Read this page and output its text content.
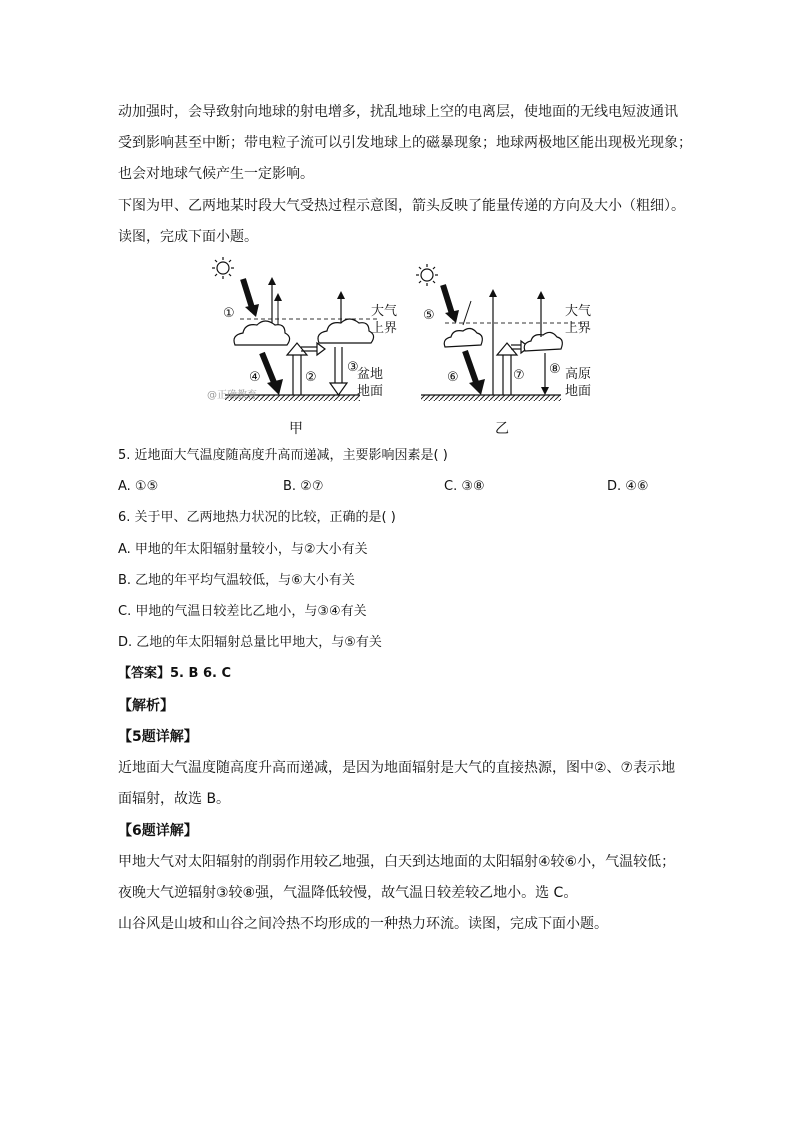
动加强时，会导致射向地球的射电增多，扰乱地球上空的电离层，使地面的无线电短波通讯
受到影响甚至中断；带电粒子流可以引发地球上的磁暴现象；地球两极地区能出现极光现象；
也会对地球气候产生一定影响。
下图为甲、乙两地某时段大气受热过程示意图，箭头反映了能量传递的方向及大小（粗细）。
读图，完成下面小题。
大气
上界
盆地
地面
①
②
③
④
@正确教育
甲
大气
上界
高原
地面
⑤
⑥	⑦ ⑧
乙
5. 近地面大气温度随高度升高而递减，主要影响因素是( )
A. ①⑤	B. ②⑦	C. ③⑧	D. ④⑥
6. 关于甲、乙两地热力状况的比较，正确的是( )
A. 甲地的年太阳辐射量较小，与②大小有关
B. 乙地的年平均气温较低，与⑥大小有关
C. 甲地的气温日较差比乙地小，与③④有关
D. 乙地的年太阳辐射总量比甲地大，与⑤有关
【答案】5. B 6. C
【解析】
【5题详解】
近地面大气温度随高度升高而递减，是因为地面辐射是大气的直接热源，图中②、⑦表示地
面辐射，故选 B。
【6题详解】
甲地大气对太阳辐射的削弱作用较乙地强，白天到达地面的太阳辐射④较⑥小，气温较低；
夜晚大气逆辐射③较⑧强，气温降低较慢，故气温日较差较乙地小。选 C。
山谷风是山坡和山谷之间冷热不均形成的一种热力环流。读图，完成下面小题。
